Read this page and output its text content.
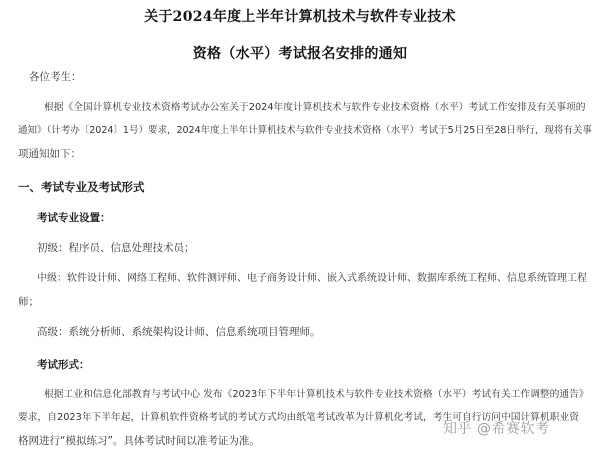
关于2024年度上半年计算机技术与软件专业技术
资格（水平）考试报名安排的通知
各位考生：
根据《全国计算机专业技术资格考试办公室关于2024年度计算机技术与软件专业技术资格（水平）考试工作安排及有关事项的
通知》（计考办〔2024〕1号）要求，2024年度上半年计算机技术与软件专业技术资格（水平）考试于5月25日至28日举行，现将有关事
项通知如下：
一、考试专业及考试形式
考试专业设置：
初级：程序员、信息处理技术员；
中级：软件设计师、网络工程师、软件测评师、电子商务设计师、嵌入式系统设计师、数据库系统工程师、信息系统管理工程
师；
高级：系统分析师、系统架构设计师、信息系统项目管理师。
考试形式：
根据工业和信息化部教育与考试中心 发布《2023年下半年计算机技术与软件专业技术资格（水平）考试有关工作调整的通告》
要求，自2023年下半年起，计算机软件资格考试的考试方式均由纸笔考试改革为计算机化考试，考生可自行访问中国计算机职业资
格网进行“模拟练习”。具体考试时间以准考证为准。
知乎 @希赛软考
